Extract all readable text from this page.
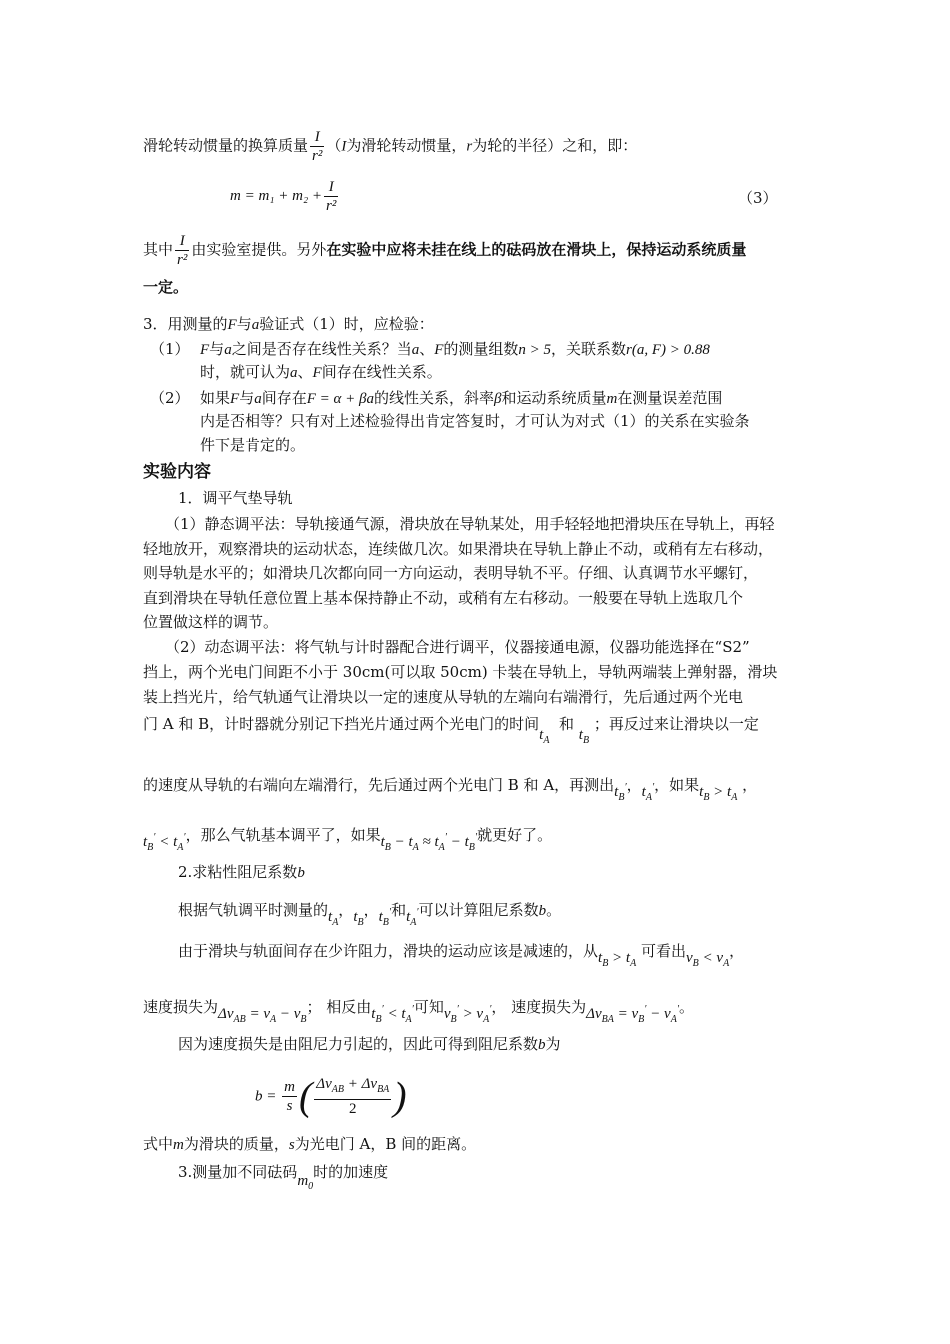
滑轮转动惯量的换算质量 $\frac{I}{\text{r²}} (I$为滑轮转动惯量，r为轮的半径）之和，即：
$m = m_1 + m_2 + \frac{I}{\text{r²}}$	（3）
其中 $\frac{I}{\text{r²}}$ 由实验室提供。另外在实验中应将未挂在线上的砝码放在滑块上，保持运动系统质量
一定。
3．用测量的F与a验证式（1）时，应检验：
（1） F与a之间是否存在线性关系？当a、F的测量组数n > 5，关联系数r(a, F) > 0.88
时，就可认为a、F间存在线性关系。
（2） 如果F与a间存在F = α + βa的线性关系，斜率β和运动系统质量m在测量误差范围
内是否相等？只有对上述检验得出肯定答复时，才可认为对式（1）的关系在实验条
件下是肯定的。
实验内容
1．调平气垫导轨
（1）静态调平法：导轨接通气源，滑块放在导轨某处，用手轻轻地把滑块压在导轨上，再轻
轻地放开，观察滑块的运动状态，连续做几次。如果滑块在导轨上静止不动，或稍有左右移动，
则导轨是水平的；如滑块几次都向同一方向运动，表明导轨不平。仔细、认真调节水平螺钉，
直到滑块在导轨任意位置上基本保持静止不动，或稍有左右移动。一般要在导轨上选取几个
位置做这样的调节。
（2）动态调平法：将气轨与计时器配合进行调平，仪器接通电源，仪器功能选择在“S2”
挡上，两个光电门间距不小于 30cm(可以取 50cm) 卡装在导轨上，导轨两端装上弹射器，滑块
装上挡光片，给气轨通气让滑块以一定的速度从导轨的左端向右端滑行，先后通过两个光电
门 A 和 B，计时器就分别记下挡光片通过两个光电门的时间$t_A$  和 $t_B$ ；再反过来让滑块以一定
的速度从导轨的右端向左端滑行，先后通过两个光电门 B 和 A，再测出$t_B'$，$t_A'$，如果$t_B > t_A$ ，
$t_B' < t_A'$，那么气轨基本调平了，如果$t_B - t_A \approx t_A' - t_B'$就更好了。
2.求粘性阻尼系数b
根据气轨调平时测量的$t_A$，$t_B$，$t_B'$和$t_A'$可以计算阻尼系数b。
由于滑块与轨面间存在少许阻力，滑块的运动应该是减速的，从$t_B > t_A$ 可看出$v_B < v_A$，
速度损失为$\Delta v_{AB} = v_A - v_B$； 相反由$t_B' < t_A'$可知$v_B' > v_A'$， 速度损失为$\Delta v_{BA} = v_B' - v_A'$。
因为速度损失是由阻尼力引起的，因此可得到阻尼系数b为
$b = \frac{m}{s}$ ( $\frac{\Delta v_{AB} + \Delta v_{BA}}{2}$ )
式中m为滑块的质量，s为光电门 A，B 间的距离。
3.测量加不同砝码$m_0$时的加速度
